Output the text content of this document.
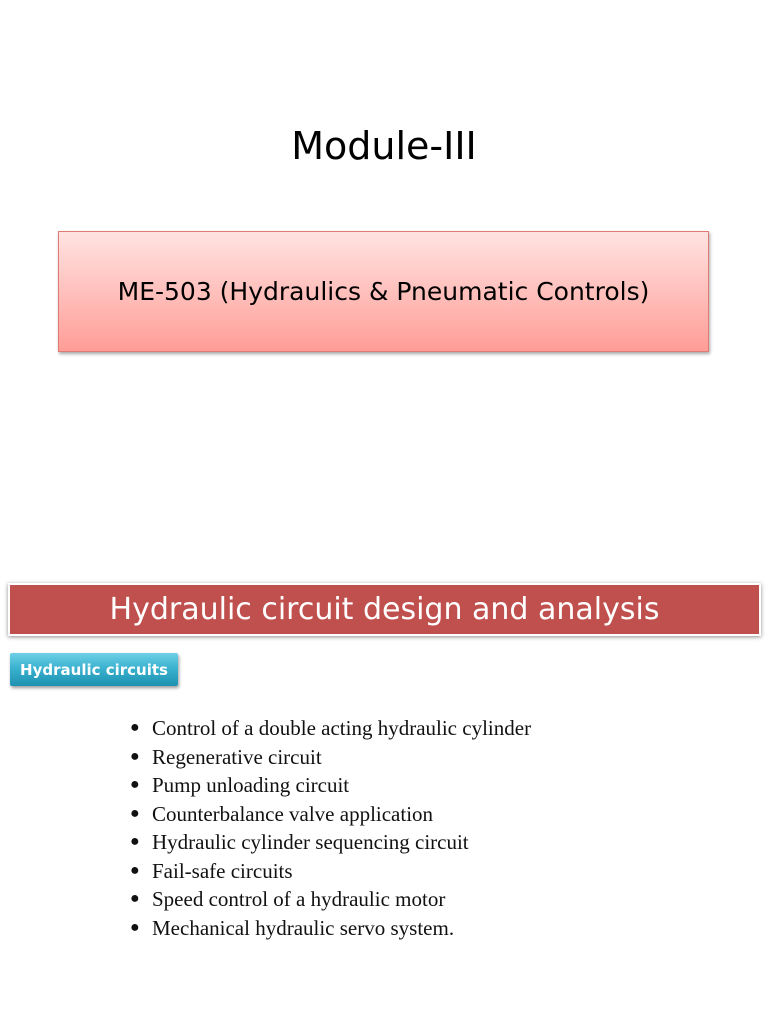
Module-III
ME-503 (Hydraulics & Pneumatic Controls)
Hydraulic circuit design and analysis
Hydraulic circuits
● Control of a double acting hydraulic cylinder
● Regenerative circuit
● Pump unloading circuit
● Counterbalance valve application
● Hydraulic cylinder sequencing circuit
● Fail-safe circuits
● Speed control of a hydraulic motor
● Mechanical hydraulic servo system.
